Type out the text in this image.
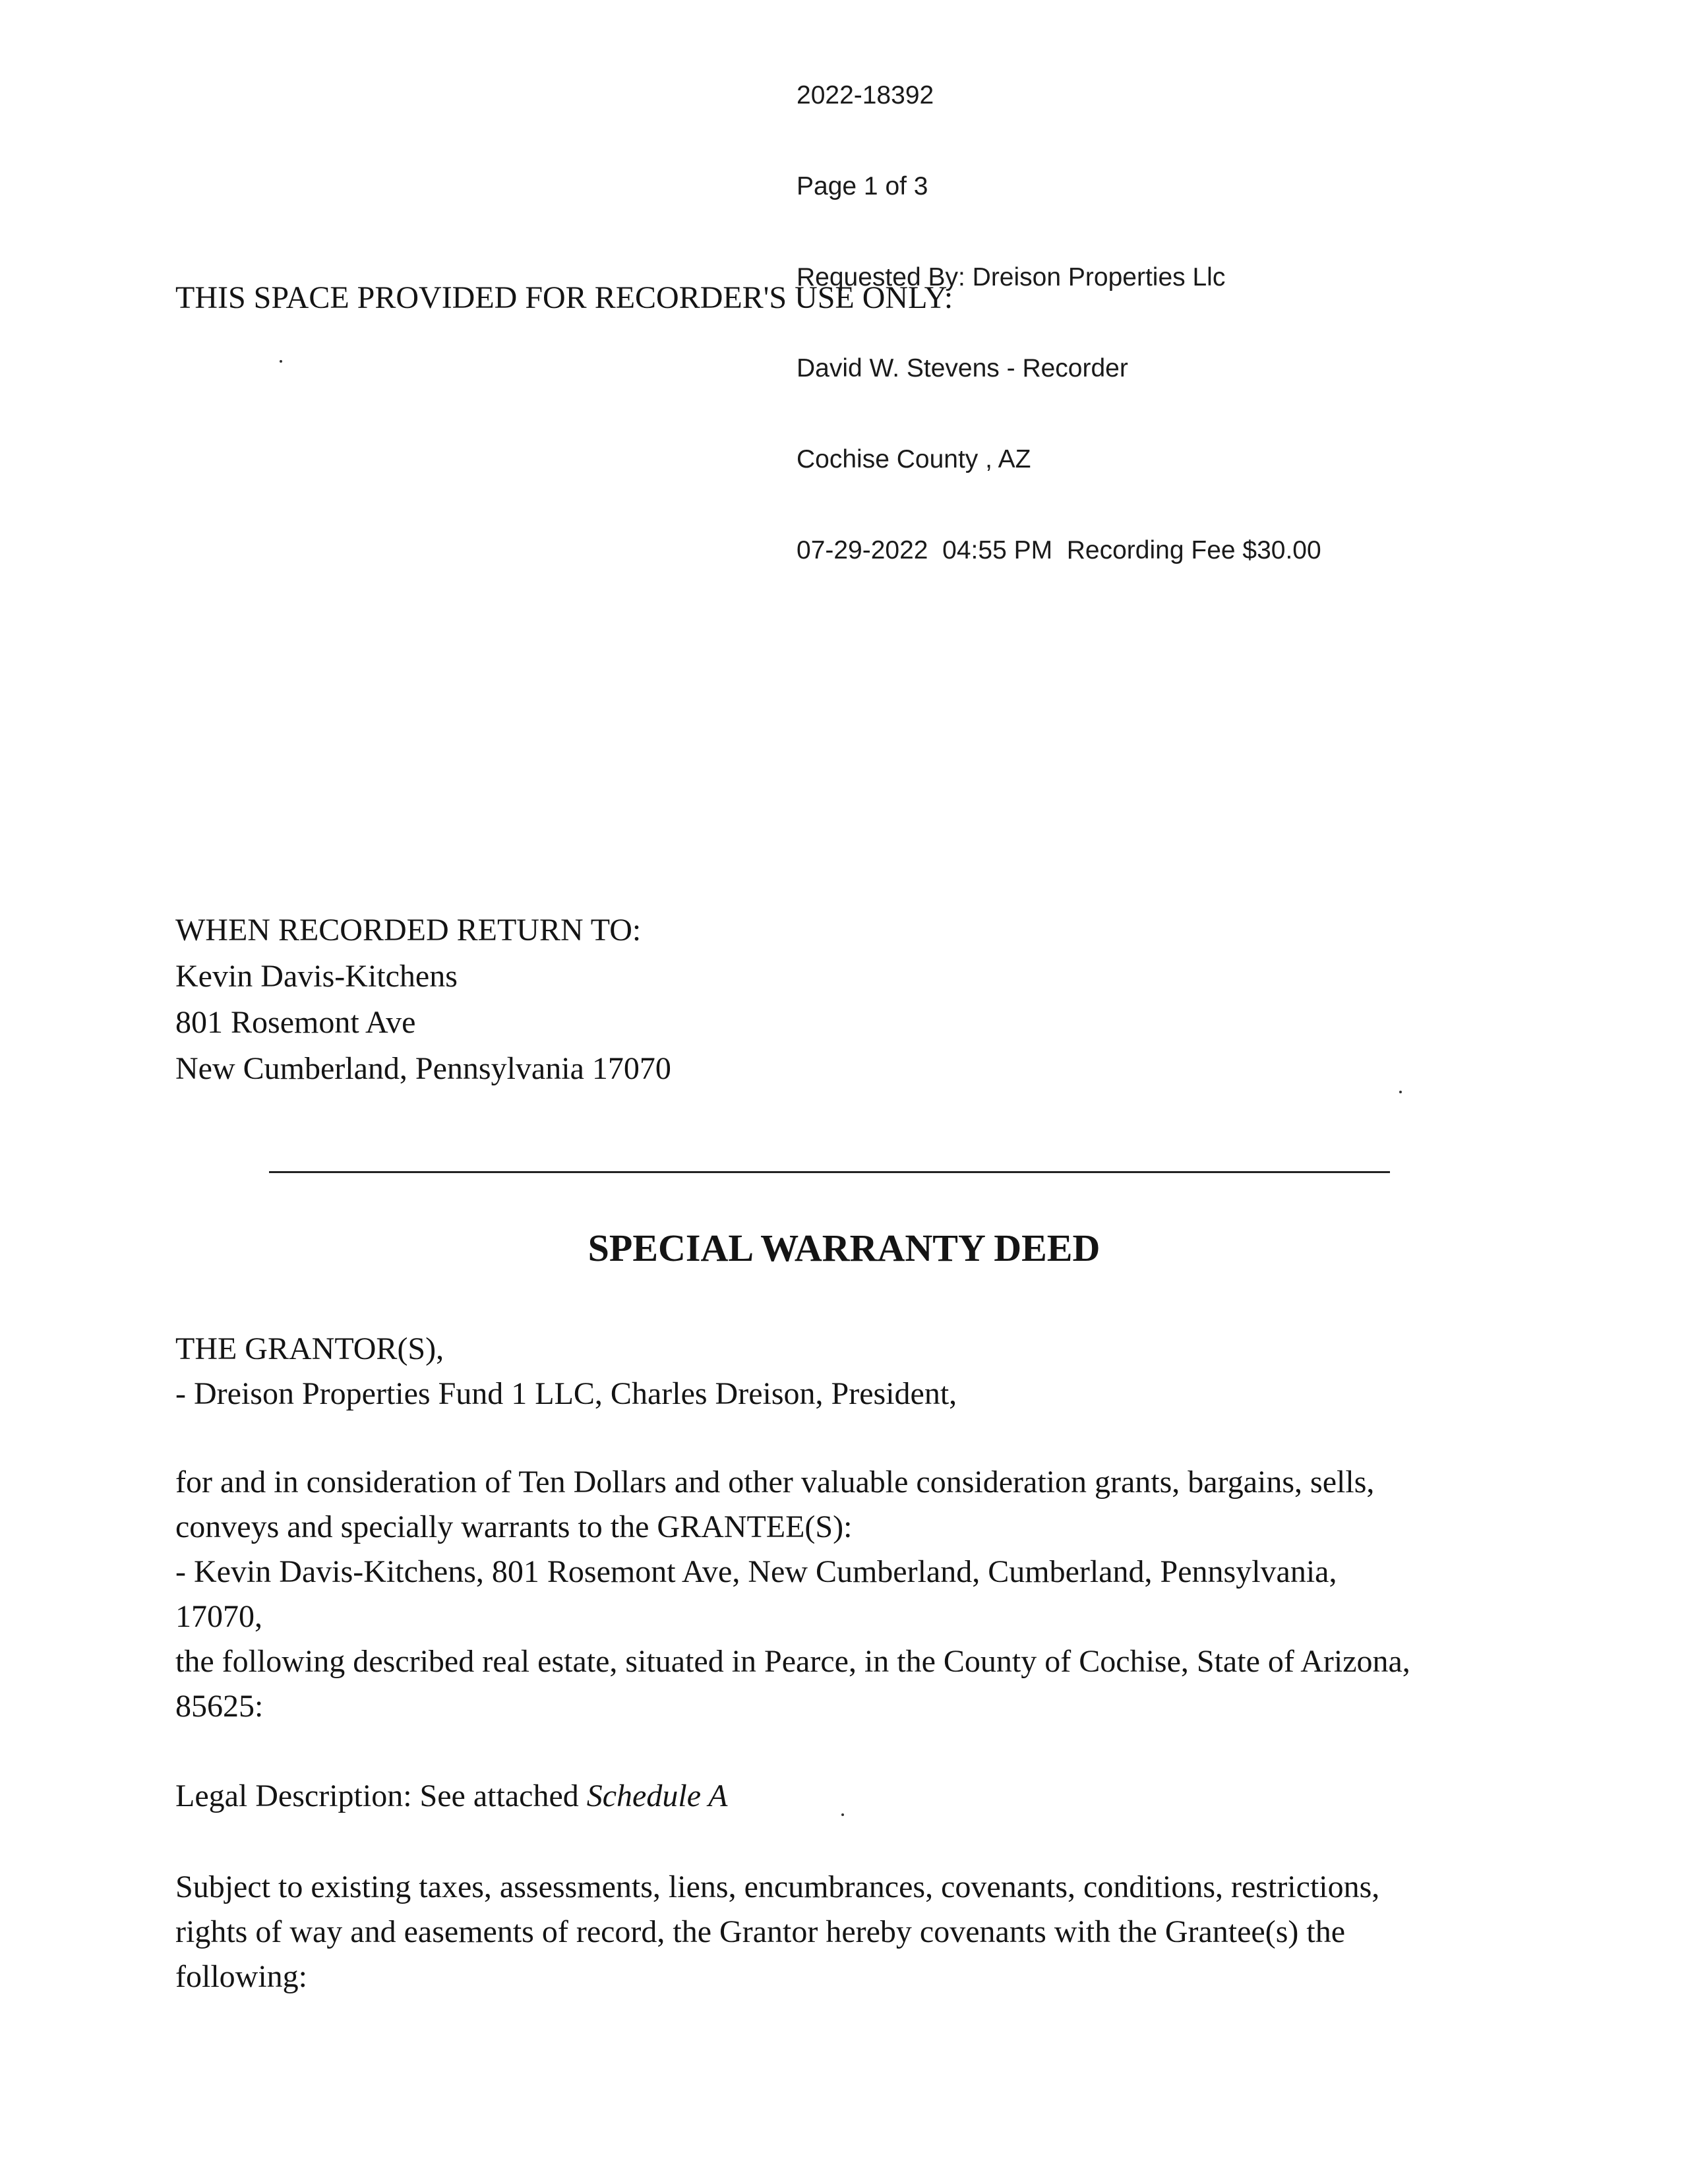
2022-18392

Page 1 of 3

Requested By: Dreison Properties Llc

David W. Stevens - Recorder

Cochise County , AZ

07-29-2022  04:55 PM  Recording Fee $30.00

THIS SPACE PROVIDED FOR RECORDER'S USE ONLY:
WHEN RECORDED RETURN TO:
Kevin Davis-Kitchens
801 Rosemont Ave
New Cumberland, Pennsylvania 17070
SPECIAL WARRANTY DEED
THE GRANTOR(S),
- Dreison Properties Fund 1 LLC, Charles Dreison, President,
for and in consideration of Ten Dollars and other valuable consideration grants, bargains, sells,
conveys and specially warrants to the GRANTEE(S):
- Kevin Davis-Kitchens, 801 Rosemont Ave, New Cumberland, Cumberland, Pennsylvania,
17070,
the following described real estate, situated in Pearce, in the County of Cochise, State of Arizona,
85625:
Legal Description: See attached Schedule A
Subject to existing taxes, assessments, liens, encumbrances, covenants, conditions, restrictions,
rights of way and easements of record, the Grantor hereby covenants with the Grantee(s) the
following:
